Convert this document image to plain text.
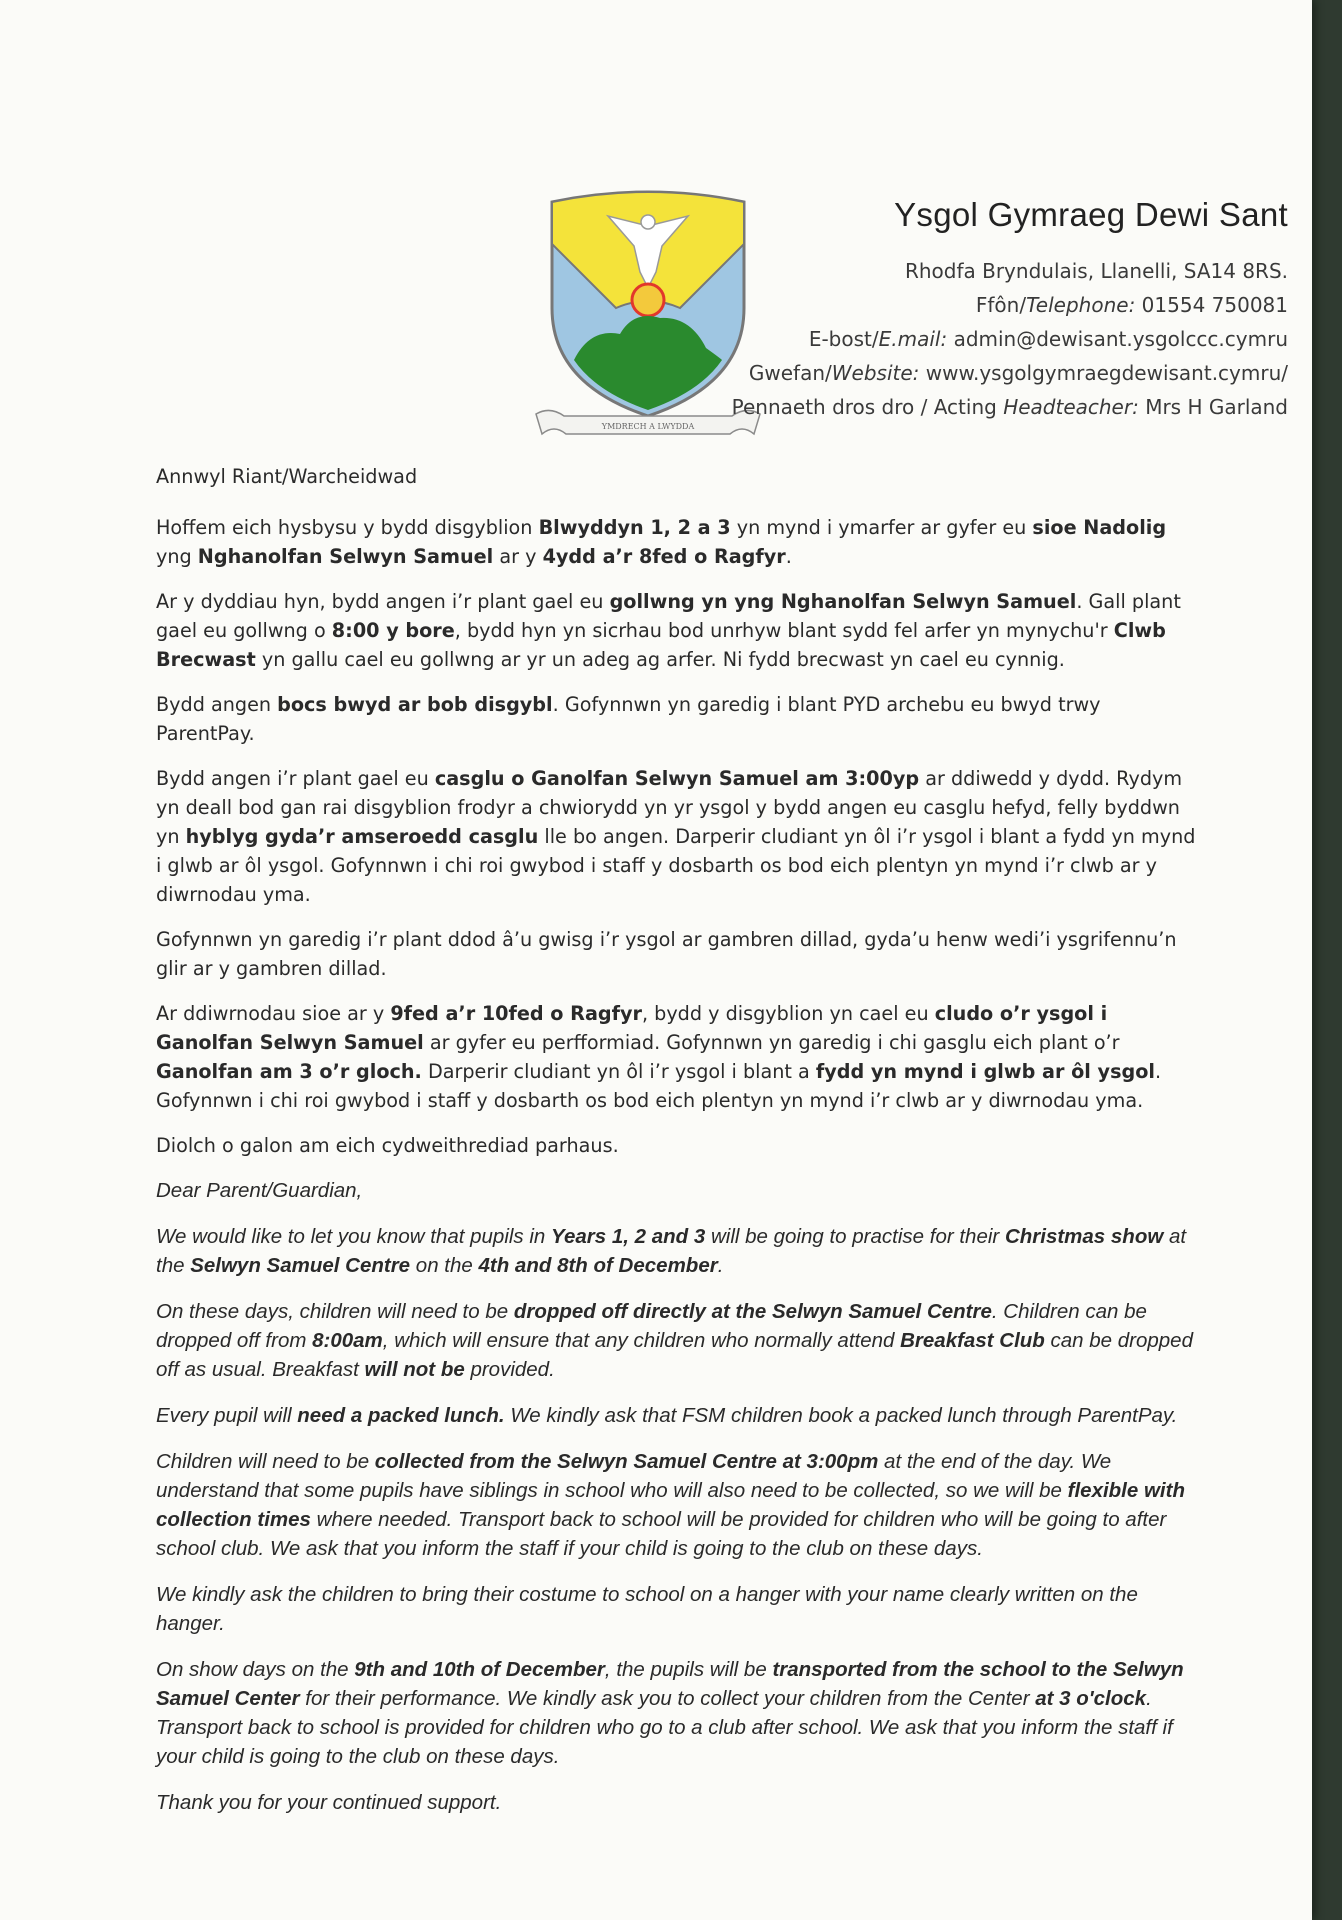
YMDRECH A LWYDDA
Ysgol Gymraeg Dewi Sant
Rhodfa Bryndulais, Llanelli, SA14 8RS.
Ffôn/Telephone: 01554 750081
E-bost/E.mail: admin@dewisant.ysgolccc.cymru
Gwefan/Website: www.ysgolgymraegdewisant.cymru/
Pennaeth dros dro / Acting Headteacher: Mrs H Garland

Annwyl Riant/Warcheidwad

Hoffem eich hysbysu y bydd disgyblion Blwyddyn 1, 2 a 3 yn mynd i ymarfer ar gyfer eu sioe Nadolig yng Nghanolfan Selwyn Samuel ar y 4ydd a’r 8fed o Ragfyr.

Ar y dyddiau hyn, bydd angen i’r plant gael eu gollwng yn yng Nghanolfan Selwyn Samuel. Gall plant gael eu gollwng o 8:00 y bore, bydd hyn yn sicrhau bod unrhyw blant sydd fel arfer yn mynychu'r Clwb Brecwast yn gallu cael eu gollwng ar yr un adeg ag arfer. Ni fydd brecwast yn cael eu cynnig.

Bydd angen bocs bwyd ar bob disgybl. Gofynnwn yn garedig i blant PYD archebu eu bwyd trwy ParentPay.

Bydd angen i’r plant gael eu casglu o Ganolfan Selwyn Samuel am 3:00yp ar ddiwedd y dydd. Rydym yn deall bod gan rai disgyblion frodyr a chwiorydd yn yr ysgol y bydd angen eu casglu hefyd, felly byddwn yn hyblyg gyda’r amseroedd casglu lle bo angen. Darperir cludiant yn ôl i’r ysgol i blant a fydd yn mynd i glwb ar ôl ysgol. Gofynnwn i chi roi gwybod i staff y dosbarth os bod eich plentyn yn mynd i’r clwb ar y diwrnodau yma.

Gofynnwn yn garedig i’r plant ddod â’u gwisg i’r ysgol ar gambren dillad, gyda’u henw wedi’i ysgrifennu’n glir ar y gambren dillad.

Ar ddiwrnodau sioe ar y 9fed a’r 10fed o Ragfyr, bydd y disgyblion yn cael eu cludo o’r ysgol i Ganolfan Selwyn Samuel ar gyfer eu perfformiad. Gofynnwn yn garedig i chi gasglu eich plant o’r Ganolfan am 3 o’r gloch. Darperir cludiant yn ôl i’r ysgol i blant a fydd yn mynd i glwb ar ôl ysgol. Gofynnwn i chi roi gwybod i staff y dosbarth os bod eich plentyn yn mynd i’r clwb ar y diwrnodau yma.

Diolch o galon am eich cydweithrediad parhaus.

Dear Parent/Guardian,

We would like to let you know that pupils in Years 1, 2 and 3 will be going to practise for their Christmas show at the Selwyn Samuel Centre on the 4th and 8th of December.

On these days, children will need to be dropped off directly at the Selwyn Samuel Centre. Children can be dropped off from 8:00am, which will ensure that any children who normally attend Breakfast Club can be dropped off as usual. Breakfast will not be provided.

Every pupil will need a packed lunch. We kindly ask that FSM children book a packed lunch through ParentPay.

Children will need to be collected from the Selwyn Samuel Centre at 3:00pm at the end of the day. We understand that some pupils have siblings in school who will also need to be collected, so we will be flexible with collection times where needed. Transport back to school will be provided for children who will be going to after school club. We ask that you inform the staff if your child is going to the club on these days.

We kindly ask the children to bring their costume to school on a hanger with your name clearly written on the hanger.

On show days on the 9th and 10th of December, the pupils will be transported from the school to the Selwyn Samuel Center for their performance. We kindly ask you to collect your children from the Center at 3 o'clock. Transport back to school is provided for children who go to a club after school. We ask that you inform the staff if your child is going to the club on these days.

Thank you for your continued support.
